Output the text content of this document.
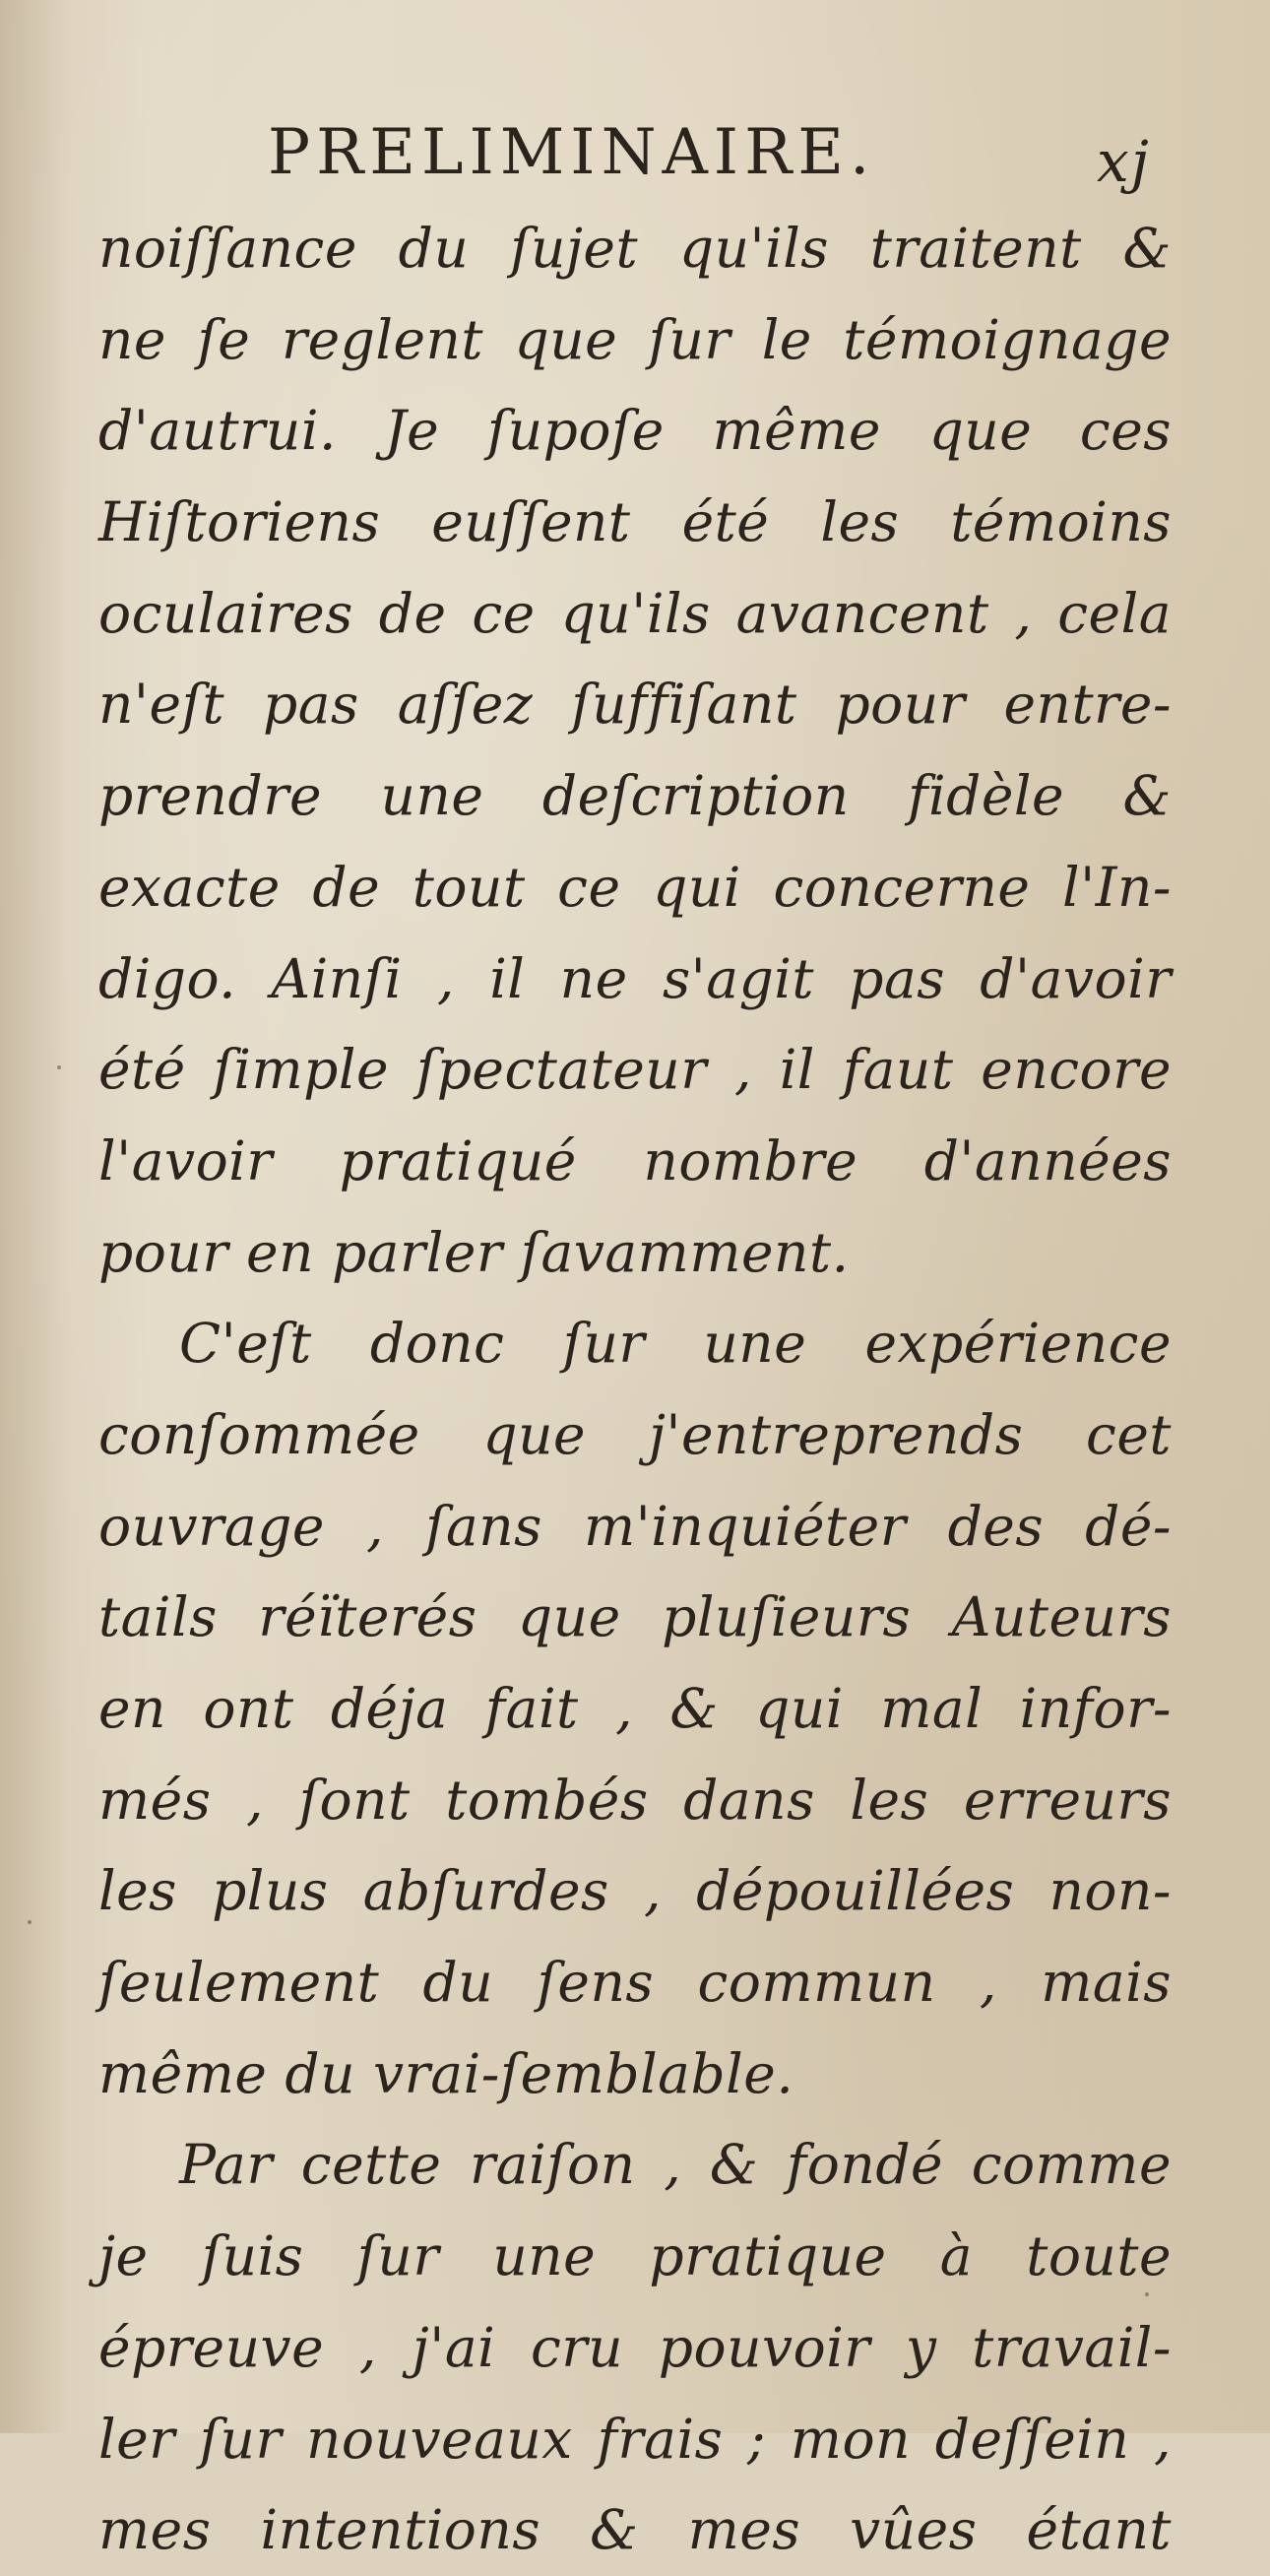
PRELIMINAIRE.	xj
noiſſance du ſujet qu'ils traitent &
ne ſe reglent que ſur le témoignage
d'autrui. Je ſupoſe même que ces
Hiſtoriens euſſent été les témoins
oculaires de ce qu'ils avancent , cela
n'eſt pas aſſez ſuffiſant pour entre-
prendre une deſcription fidèle &
exacte de tout ce qui concerne l'In-
digo. Ainſi , il ne s'agit pas d'avoir
été ſimple ſpectateur , il faut encore
l'avoir pratiqué nombre d'années
pour en parler ſavamment.
C'eſt donc ſur une expérience
conſommée que j'entreprends cet
ouvrage , ſans m'inquiéter des dé-
tails réïterés que pluſieurs Auteurs
en ont déja fait , & qui mal infor-
més , ſont tombés dans les erreurs
les plus abſurdes , dépouillées non-
ſeulement du ſens commun , mais
même du vrai-ſemblable.
Par cette raiſon , & fondé comme
je ſuis ſur une pratique à toute
épreuve , j'ai cru pouvoir y travail-
ler ſur nouveaux frais ; mon deſſein ,
mes intentions & mes vûes étant
